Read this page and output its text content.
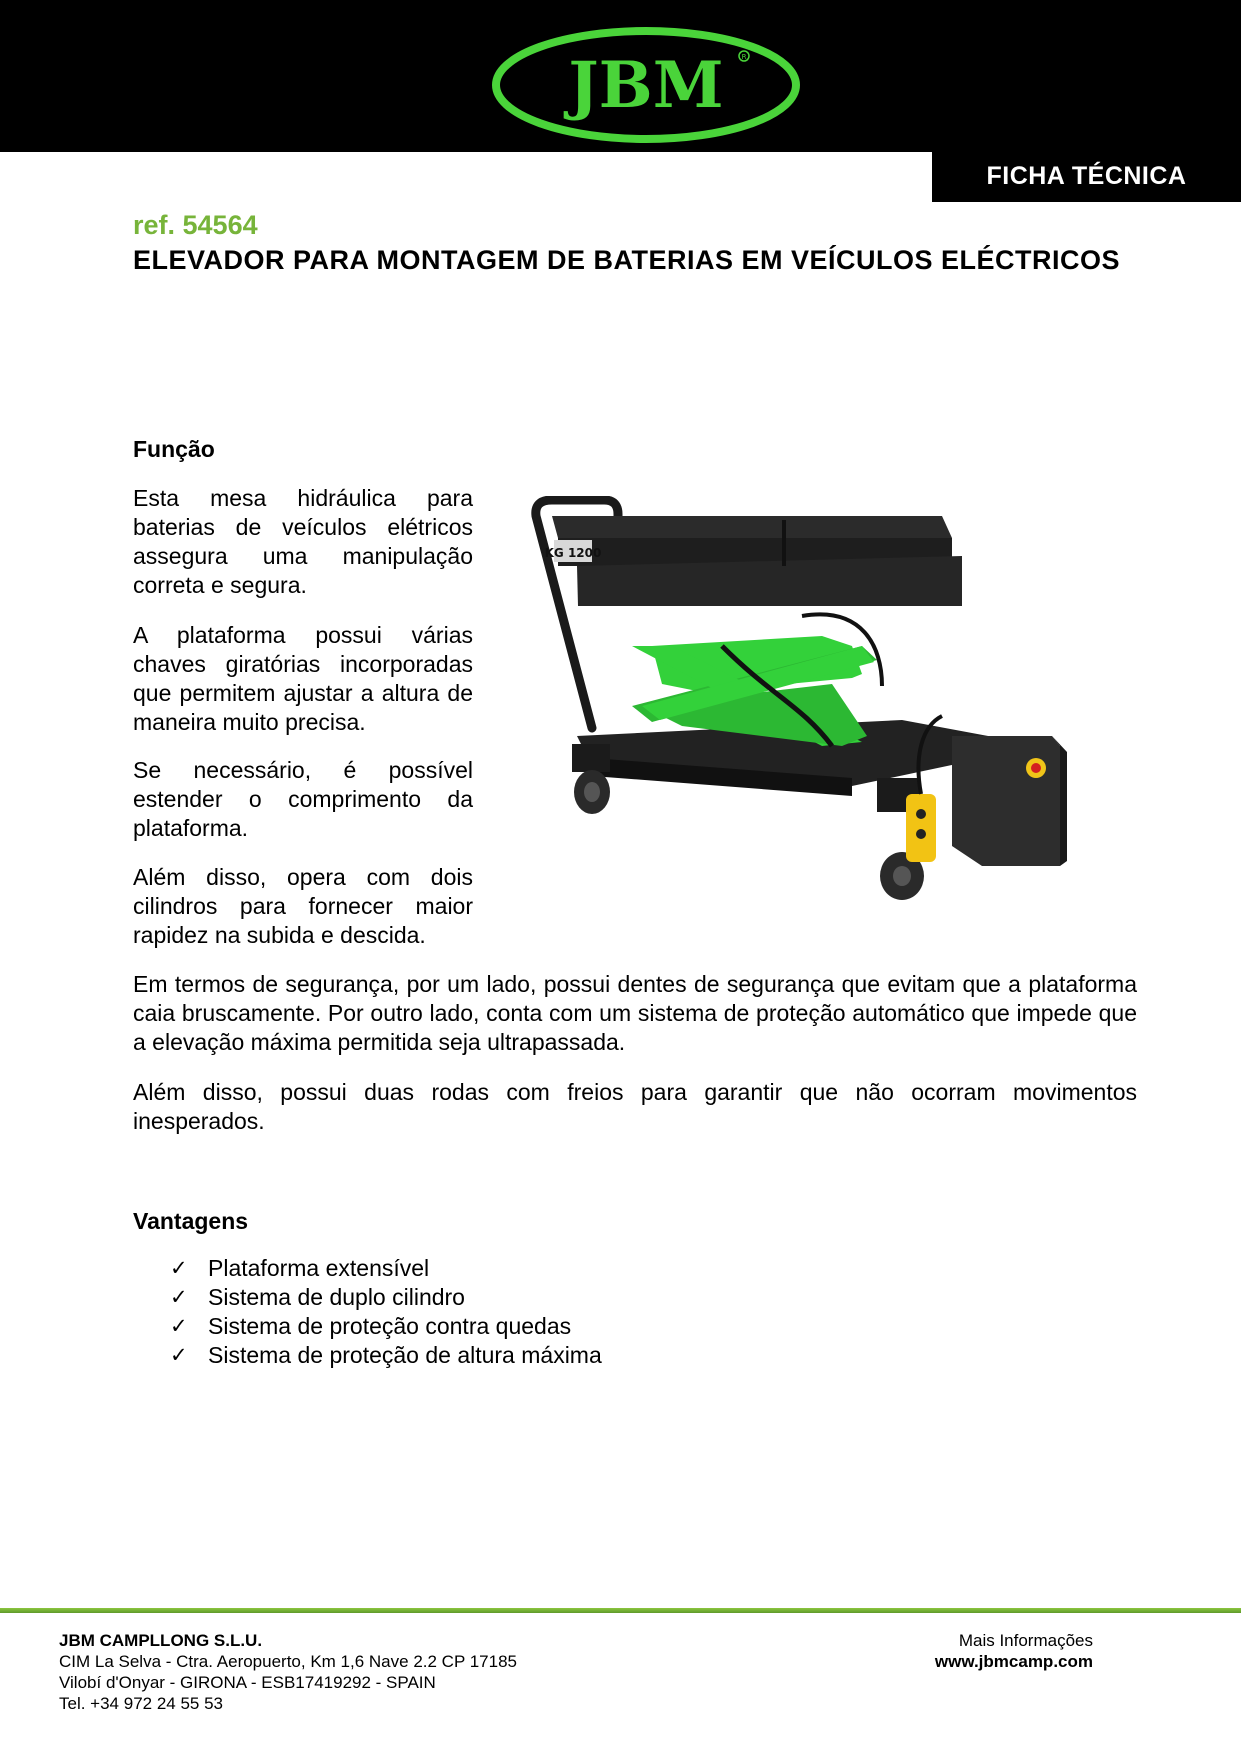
JBM	R
FICHA TÉCNICA
ref. 54564
ELEVADOR PARA MONTAGEM DE BATERIAS EM VEÍCULOS ELÉCTRICOS
Função

Esta mesa hidráulica para baterias de veículos elétricos assegura uma manipulação correta e segura.

A plataforma possui várias chaves giratórias incorporadas que permitem ajustar a altura de maneira muito precisa.

Se necessário, é possível estender o comprimento da plataforma.

Além disso, opera com dois cilindros para fornecer maior rapidez na subida e descida.

Em termos de segurança, por um lado, possui dentes de segurança que evitam que a plataforma caia bruscamente. Por outro lado, conta com um sistema de proteção automático que impede que a elevação máxima permitida seja ultrapassada.

Além disso, possui duas rodas com freios para garantir que não ocorram movimentos inesperados.

KG 1200
Vantagens
✓ Plataforma extensível
✓ Sistema de duplo cilindro
✓ Sistema de proteção contra quedas
✓ Sistema de proteção de altura máxima
JBM CAMPLLONG S.L.U.
CIM La Selva - Ctra. Aeropuerto, Km 1,6 Nave 2.2 CP 17185
Vilobí d'Onyar - GIRONA - ESB17419292 - SPAIN
Tel. +34 972 24 55 53
Mais Informações
www.jbmcamp.com
